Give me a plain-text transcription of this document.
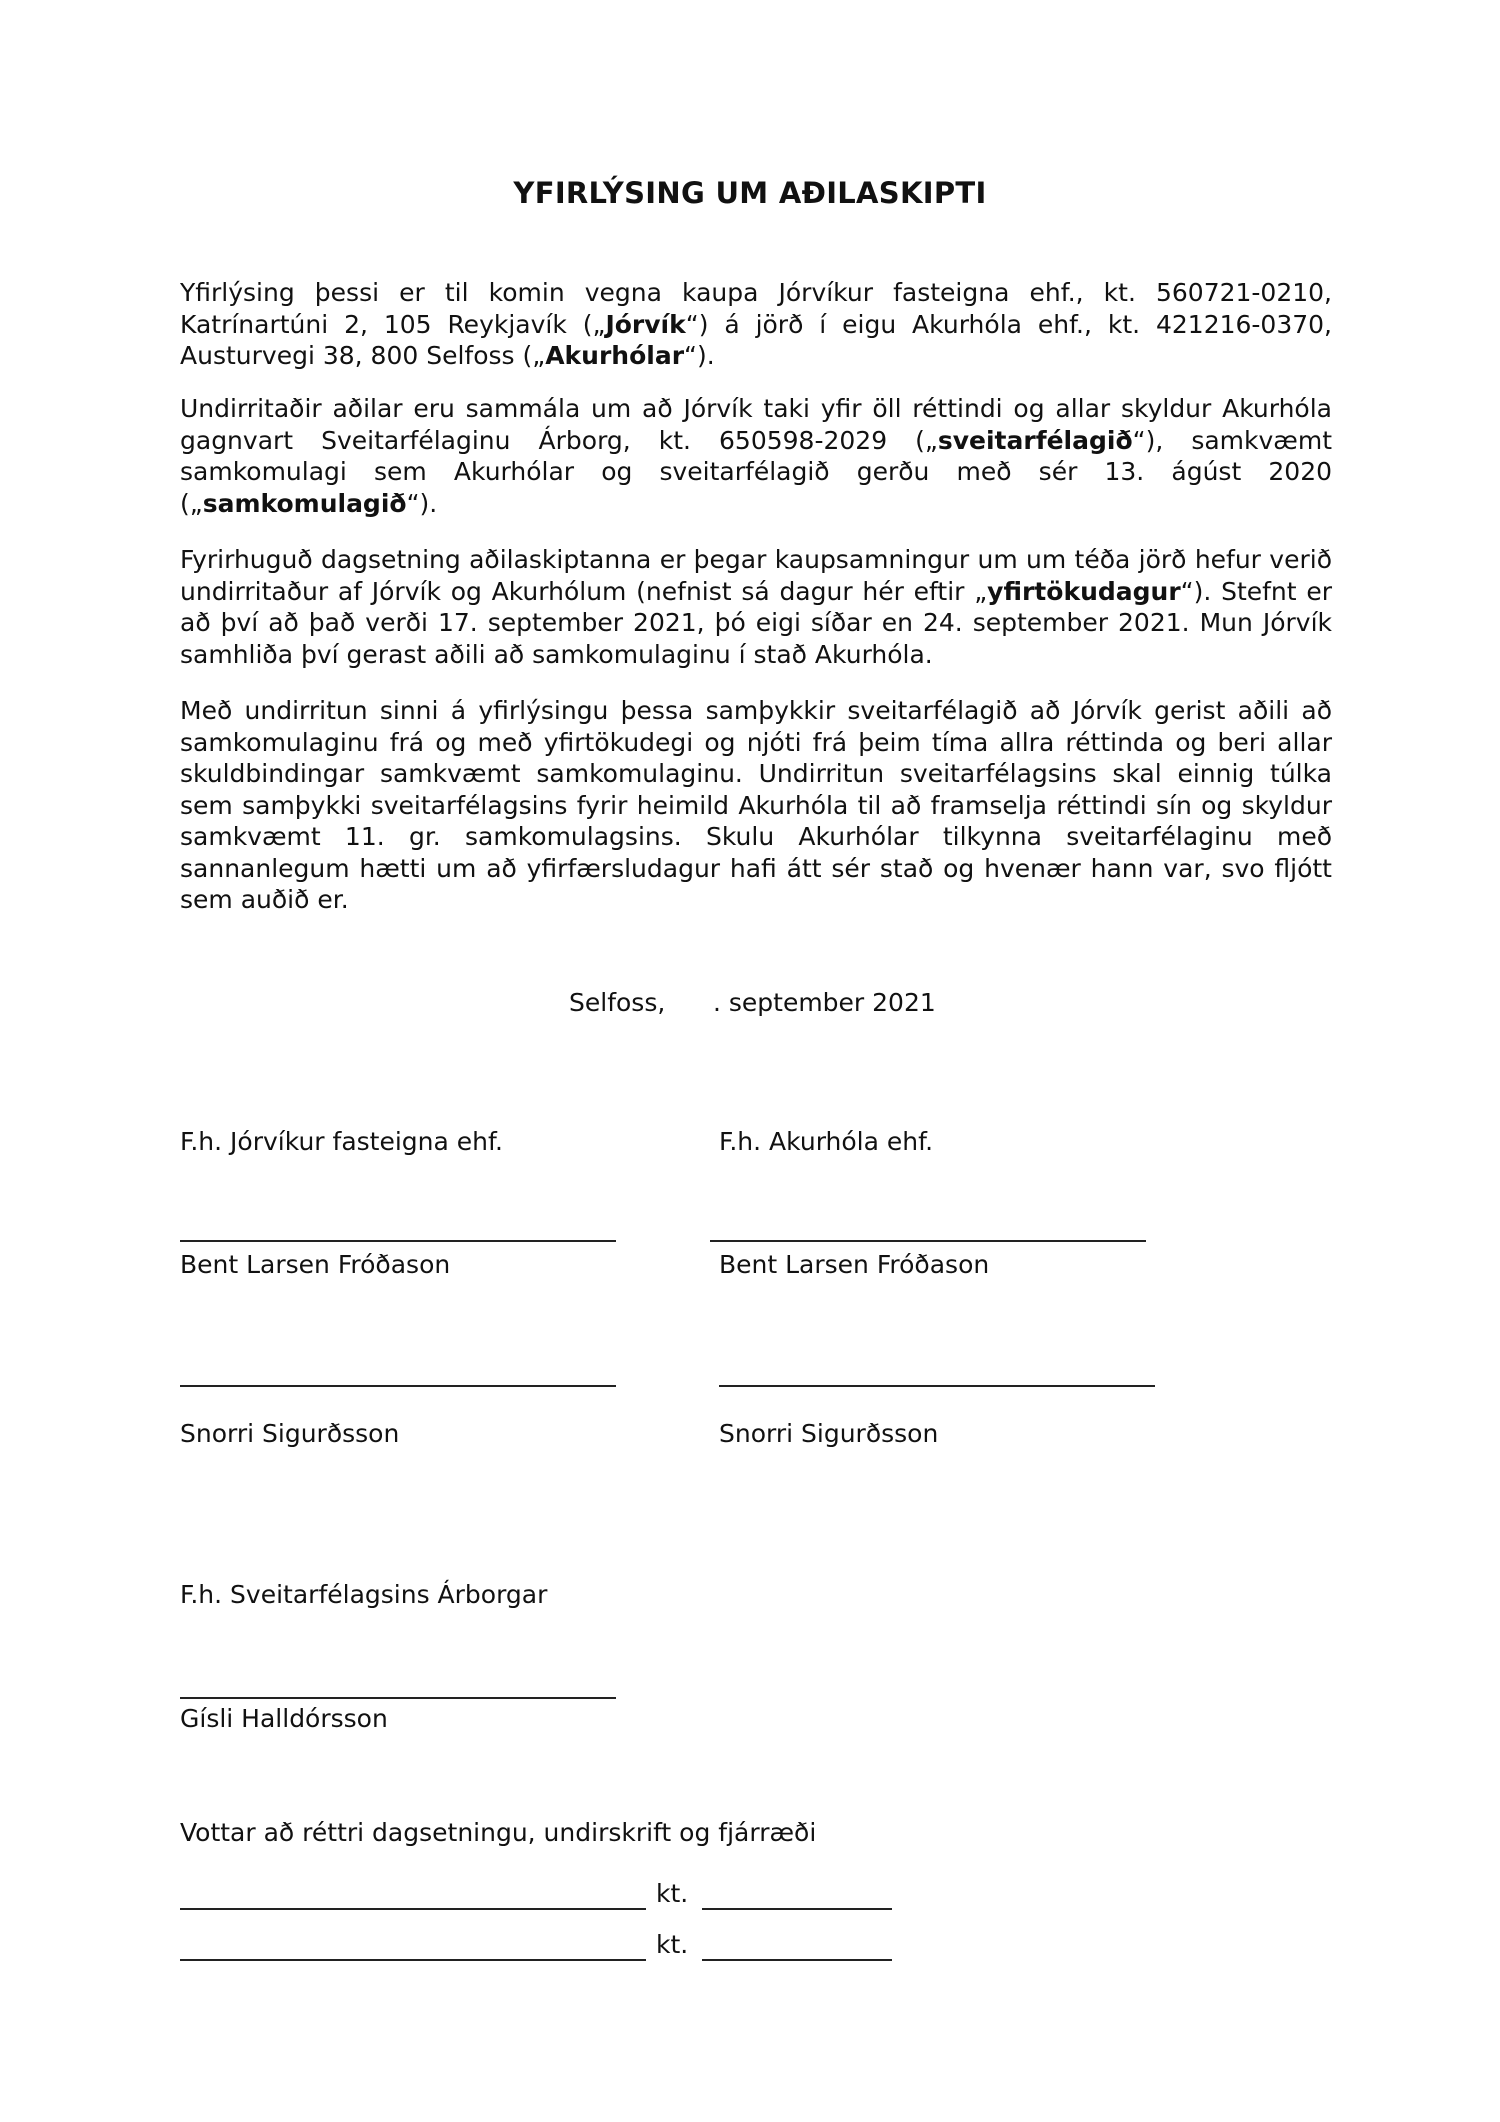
YFIRLÝSING UM AÐILASKIPTI

Yfirlýsing þessi er til komin vegna kaupa Jórvíkur fasteigna ehf., kt. 560721-0210, Katrínartúni 2, 105 Reykjavík („Jórvík“) á jörð í eigu Akurhóla ehf., kt. 421216-0370, Austurvegi 38, 800 Selfoss („Akurhólar“).

Undirritaðir aðilar eru sammála um að Jórvík taki yfir öll réttindi og allar skyldur Akurhóla gagnvart Sveitarfélaginu Árborg, kt. 650598-2029 („sveitarfélagið“), samkvæmt samkomulagi sem Akurhólar og sveitarfélagið gerðu með sér 13. ágúst 2020 („samkomulagið“).

Fyrirhuguð dagsetning aðilaskiptanna er þegar kaupsamningur um um téða jörð hefur verið undirritaður af Jórvík og Akurhólum (nefnist sá dagur hér eftir „yfirtökudagur“). Stefnt er að því að það verði 17. september 2021, þó eigi síðar en 24. september 2021. Mun Jórvík samhliða því gerast aðili að samkomulaginu í stað Akurhóla.

Með undirritun sinni á yfirlýsingu þessa samþykkir sveitarfélagið að Jórvík gerist aðili að samkomulaginu frá og með yfirtökudegi og njóti frá þeim tíma allra réttinda og beri allar skuldbindingar samkvæmt samkomulaginu. Undirritun sveitarfélagsins skal einnig túlka sem samþykki sveitarfélagsins fyrir heimild Akurhóla til að framselja réttindi sín og skyldur samkvæmt 11. gr. samkomulagsins. Skulu Akurhólar tilkynna sveitarfélaginu með sannanlegum hætti um að yfirfærsludagur hafi átt sér stað og hvenær hann var, svo fljótt sem auðið er.

Selfoss,      . september 2021

F.h. Jórvíkur fasteigna ehf.

Bent Larsen Fróðason

Snorri Sigurðsson

F.h. Akurhóla ehf.

Bent Larsen Fróðason

Snorri Sigurðsson

F.h. Sveitarfélagsins Árborgar

Gísli Halldórsson

Vottar að réttri dagsetningu, undirskrift og fjárræði

kt.

kt.
